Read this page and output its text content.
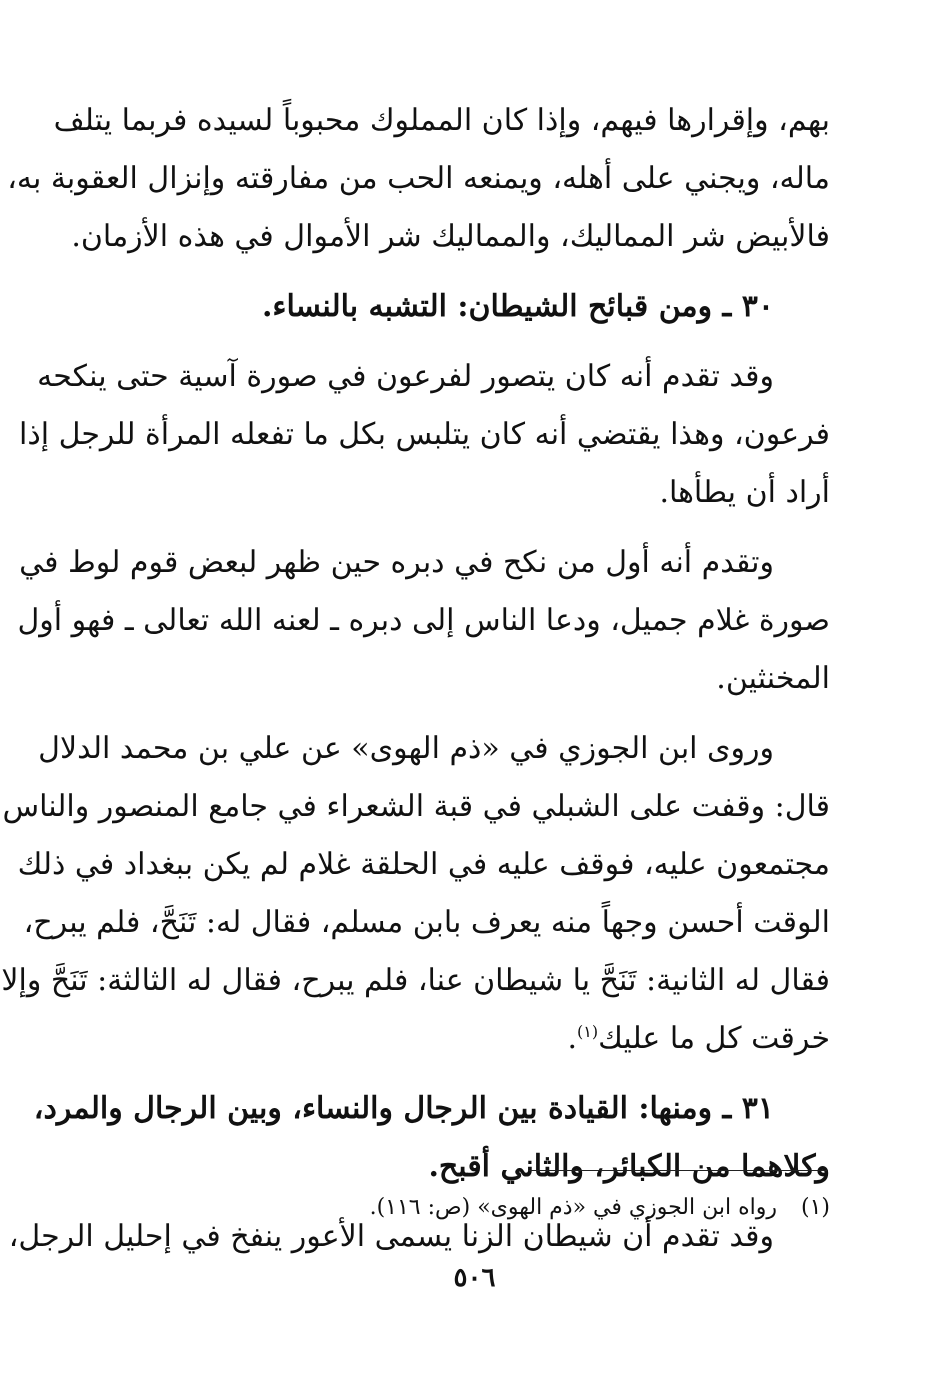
بهم، وإقرارها فيهم، وإذا كان المملوك محبوباً لسيده فربما يتلف
ماله، ويجني على أهله، ويمنعه الحب من مفارقته وإنزال العقوبة به،
فالأبيض شر المماليك، والمماليك شر الأموال في هذه الأزمان.
٣٠ ـ ومن قبائح الشيطان: التشبه بالنساء.
وقد تقدم أنه كان يتصور لفرعون في صورة آسية حتى ينكحه
فرعون، وهذا يقتضي أنه كان يتلبس بكل ما تفعله المرأة للرجل إذا
أراد أن يطأها.
وتقدم أنه أول من نكح في دبره حين ظهر لبعض قوم لوط في
صورة غلام جميل، ودعا الناس إلى دبره ـ لعنه الله تعالى ـ فهو أول
المخنثين.
وروى ابن الجوزي في «ذم الهوى» عن علي بن محمد الدلال
قال: وقفت على الشبلي في قبة الشعراء في جامع المنصور والناس
مجتمعون عليه، فوقف عليه في الحلقة غلام لم يكن ببغداد في ذلك
الوقت أحسن وجهاً منه يعرف بابن مسلم، فقال له: تَنَحَّ، فلم يبرح،
فقال له الثانية: تَنَحَّ يا شيطان عنا، فلم يبرح، فقال له الثالثة: تَنَحَّ وإلا
خرقت كل ما عليك$^{(١)}$.
٣١ ـ ومنها: القيادة بين الرجال والنساء، وبين الرجال والمرد،
وكلاهما من الكبائر، والثاني أقبح.
وقد تقدم أن شيطان الزنا يسمى الأعور ينفخ في إحليل الرجل،
(١)رواه ابن الجوزي في «ذم الهوى» (ص: ١١٦).
٥٠٦
